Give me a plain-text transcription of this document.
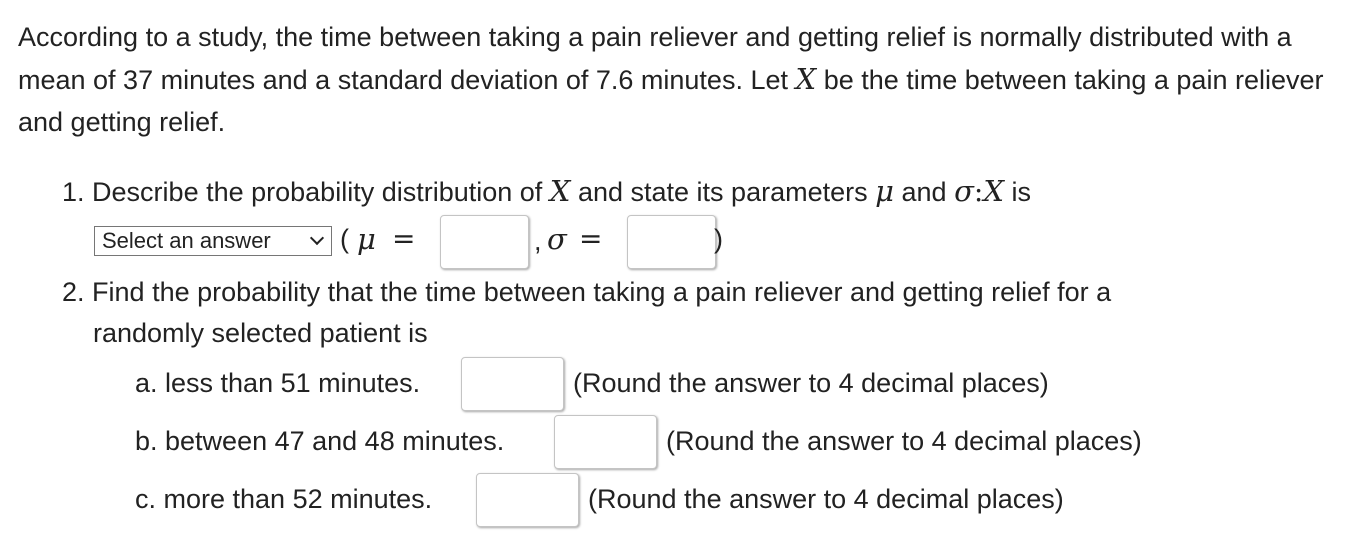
According to a study, the time between taking a pain reliever and getting relief is normally distributed with a mean of 37 minutes and a standard deviation of 7.6 minutes. Let X be the time between taking a pain reliever and getting relief.
1. Describe the probability distribution of X and state its parameters μ and σ:X is
Select an answer	( μ =	, σ =	)
2. Find the probability that the time between taking a pain reliever and getting relief for a
randomly selected patient is
a. less than 51 minutes.	(Round the answer to 4 decimal places)
b. between 47 and 48 minutes.	(Round the answer to 4 decimal places)
c. more than 52 minutes.	(Round the answer to 4 decimal places)
